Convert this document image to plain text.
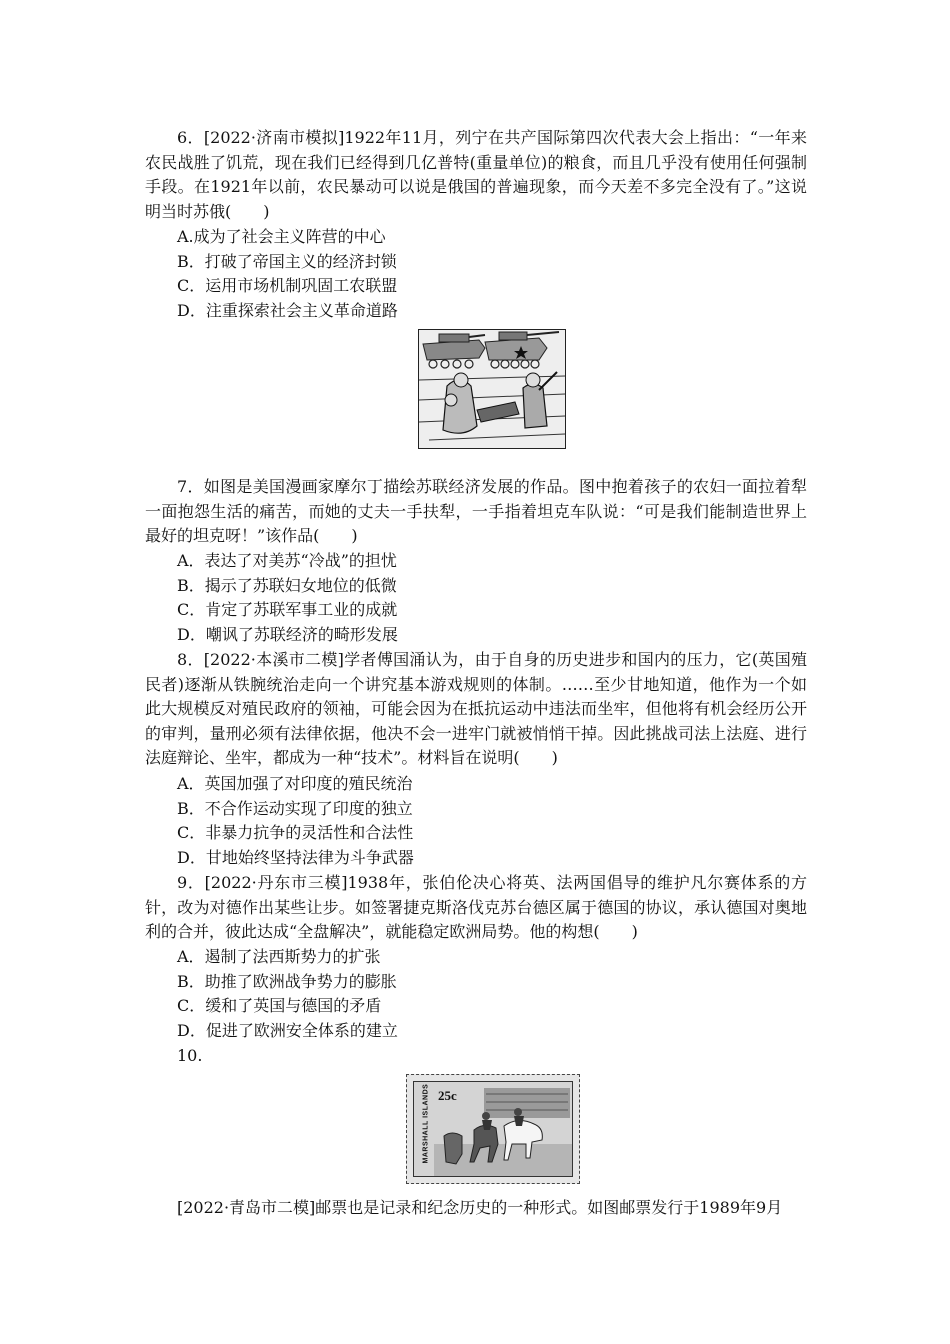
6．[2022·济南市模拟]1922年11月，列宁在共产国际第四次代表大会上指出：“一年来农民战胜了饥荒，现在我们已经得到几亿普特(重量单位)的粮食，而且几乎没有使用任何强制手段。在1921年以前，农民暴动可以说是俄国的普遍现象，而今天差不多完全没有了。”这说明当时苏俄(　　)
A.成为了社会主义阵营的中心
B．打破了帝国主义的经济封锁
C．运用市场机制巩固工农联盟
D．注重探索社会主义革命道路
7．如图是美国漫画家摩尔丁描绘苏联经济发展的作品。图中抱着孩子的农妇一面拉着犁一面抱怨生活的痛苦，而她的丈夫一手扶犁，一手指着坦克车队说：“可是我们能制造世界上最好的坦克呀！”该作品(　　)
A．表达了对美苏“冷战”的担忧
B．揭示了苏联妇女地位的低微
C．肯定了苏联军事工业的成就
D．嘲讽了苏联经济的畸形发展
8．[2022·本溪市二模]学者傅国涌认为，由于自身的历史进步和国内的压力，它(英国殖民者)逐渐从铁腕统治走向一个讲究基本游戏规则的体制。……至少甘地知道，他作为一个如此大规模反对殖民政府的领袖，可能会因为在抵抗运动中违法而坐牢，但他将有机会经历公开的审判，量刑必须有法律依据，他决不会一进牢门就被悄悄干掉。因此挑战司法上法庭、进行法庭辩论、坐牢，都成为一种“技术”。材料旨在说明(　　)
A．英国加强了对印度的殖民统治
B．不合作运动实现了印度的独立
C．非暴力抗争的灵活性和合法性
D．甘地始终坚持法律为斗争武器
9．[2022·丹东市三模]1938年，张伯伦决心将英、法两国倡导的维护凡尔赛体系的方针，改为对德作出某些让步。如签署捷克斯洛伐克苏台德区属于德国的协议，承认德国对奥地利的合并，彼此达成“全盘解决”，就能稳定欧洲局势。他的构想(　　)
A．遏制了法西斯势力的扩张
B．助推了欧洲战争势力的膨胀
C．缓和了英国与德国的矛盾
D．促进了欧洲安全体系的建立
10.
MARSHALL ISLANDS 25c
[2022·青岛市二模]邮票也是记录和纪念历史的一种形式。如图邮票发行于1989年9月
